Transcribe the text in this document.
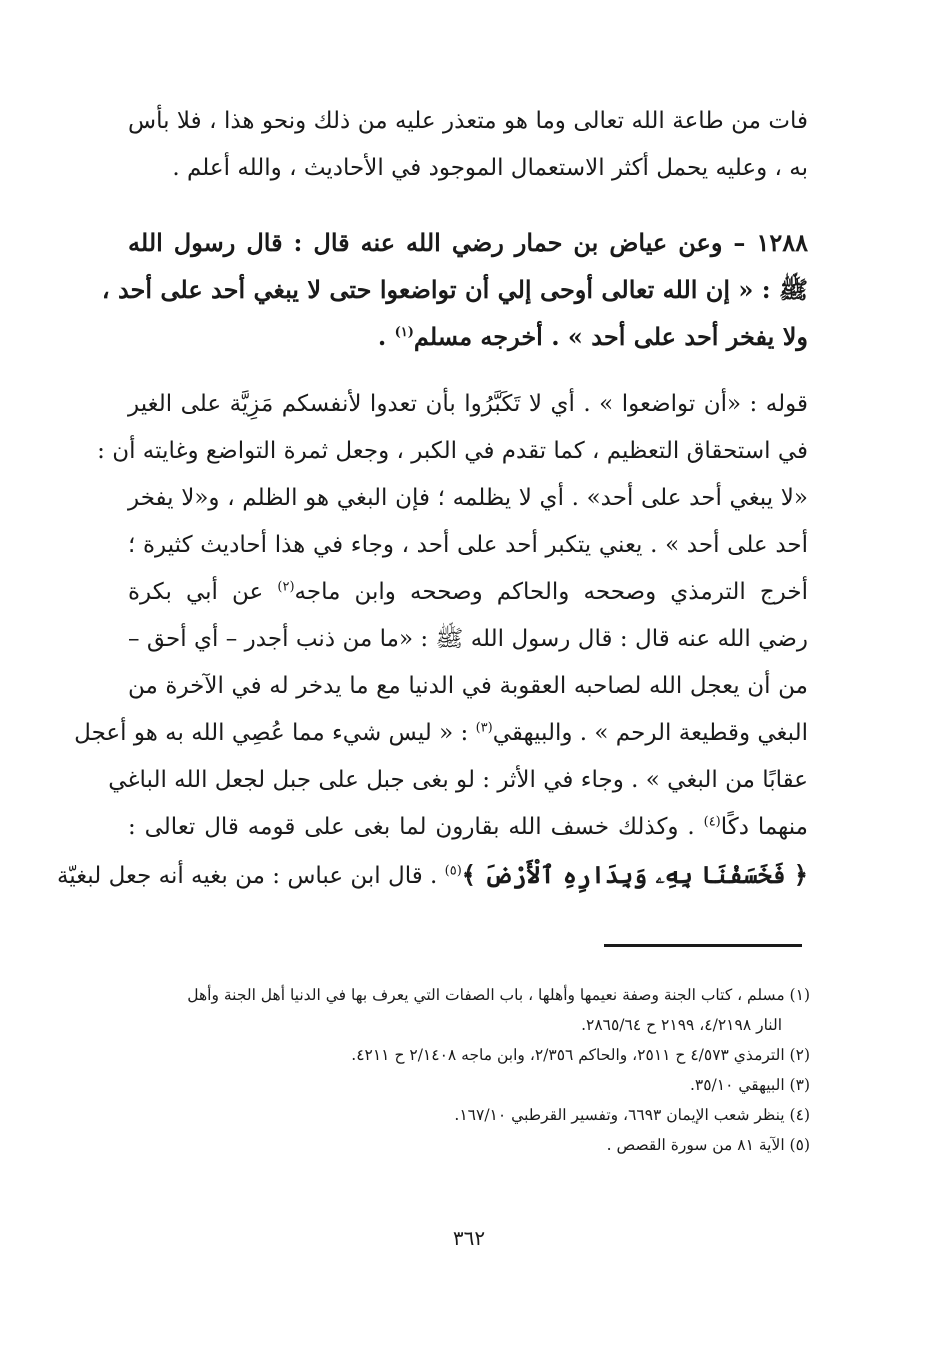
فات من طاعة الله تعالى وما هو متعذر عليه من ذلك ونحو هذا ، فلا بأس
به ، وعليه يحمل أكثر الاستعمال الموجود في الأحاديث ، والله أعلم .
١٢٨٨ – وعن عياض بن حمار رضي الله عنه قال : قال رسول الله
ﷺ : « إن الله تعالى أوحى إلي أن تواضعوا حتى لا يبغي أحد على أحد ،
ولا يفخر أحد على أحد » . أخرجه مسلم$^{(١)}$ .
قوله : «أن تواضعوا » . أي لا تَكَبَّرُوا بأن تعدوا لأنفسكم مَزِيَّة على الغير
في استحقاق التعظيم ، كما تقدم في الكبر ، وجعل ثمرة التواضع وغايته أن :
«لا يبغي أحد على أحد» . أي لا يظلمه ؛ فإن البغي هو الظلم ، و«لا يفخر
أحد على أحد » . يعني يتكبر أحد على أحد ، وجاء في هذا أحاديث كثيرة ؛
أخرج الترمذي وصححه والحاكم وصححه وابن ماجه$^{(٢)}$ عن أبي بكرة
رضي الله عنه قال : قال رسول الله ﷺ : «ما من ذنب أجدر – أي أحق –
من أن يعجل الله لصاحبه العقوبة في الدنيا مع ما يدخر له في الآخرة من
البغي وقطيعة الرحم » . والبيهقي$^{(٣)}$ : « ليس شيء مما عُصِي الله به هو أعجل
عقابًا من البغي » . وجاء في الأثر : لو بغى جبل على جبل لجعل الله الباغي
منهما دكًا$^{(٤)}$ . وكذلك خسف الله بقارون لما بغى على قومه قال تعالى :
﴿ فَخَسَفْنَا بِهِۦ وَبِدَارِهِ ٱلْأَرْضَ ﴾$^{(٥)}$ . قال ابن عباس : من بغيه أنه جعل لبغيّة
(١) مسلم ، كتاب الجنة وصفة نعيمها وأهلها ، باب الصفات التي يعرف بها في الدنيا أهل الجنة وأهل
النار ٤/٢١٩٨، ٢١٩٩ ح ٢٨٦٥/٦٤.
(٢) الترمذي ٤/٥٧٣ ح ٢٥١١، والحاكم ٢/٣٥٦، وابن ماجه ٢/١٤٠٨ ح ٤٢١١.
(٣) البيهقي ٣٥/١٠.
(٤) ينظر شعب الإيمان ٦٦٩٣، وتفسير القرطبي ١٦٧/١٠.
(٥) الآية ٨١ من سورة القصص .
٣٦٢
